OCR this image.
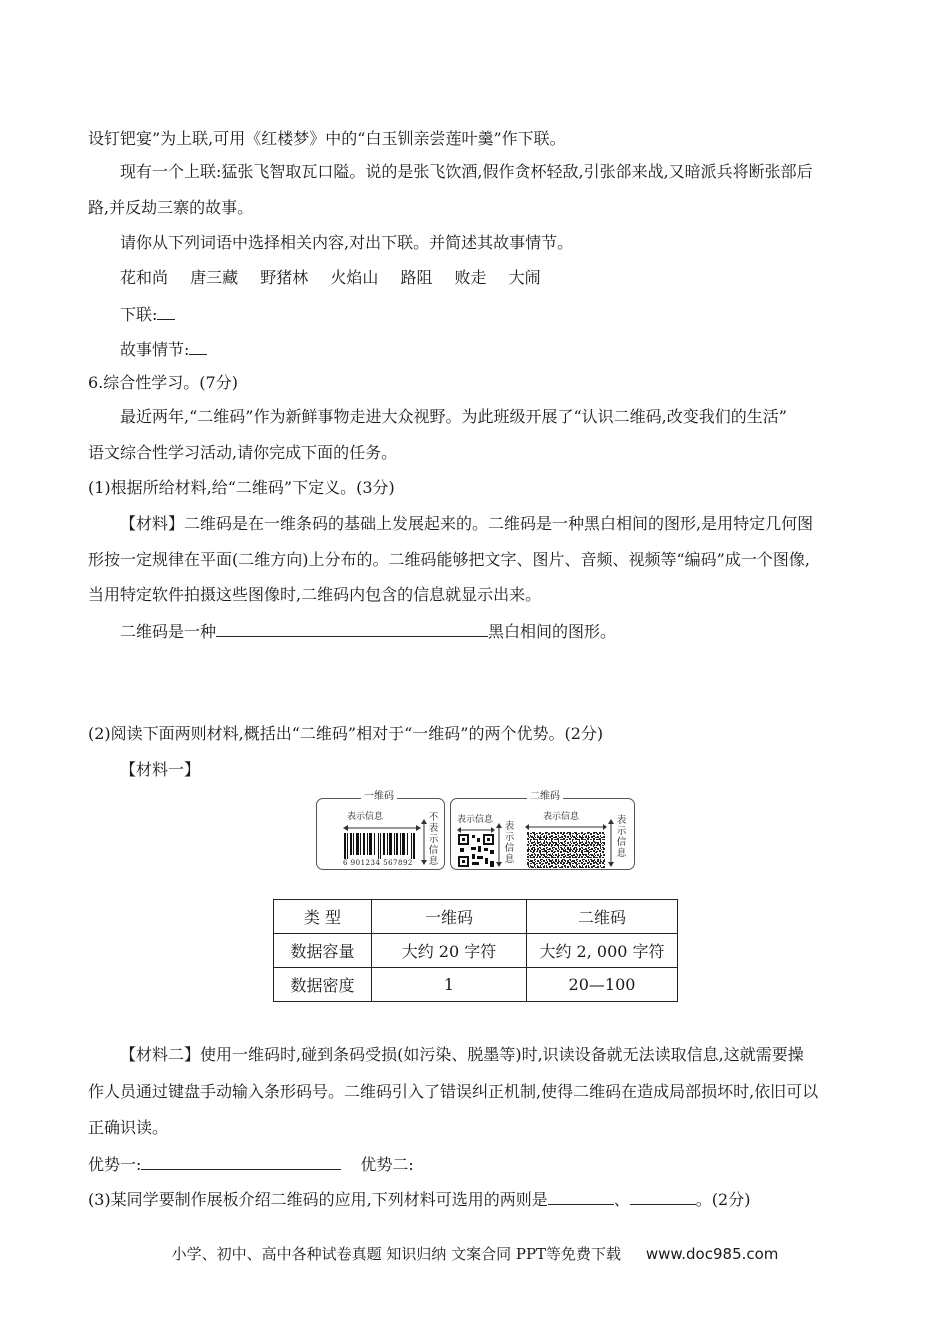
设钉钯宴”为上联,可用《红楼梦》中的“白玉钏亲尝莲叶羹”作下联。
现有一个上联:猛张飞智取瓦口隘。说的是张飞饮酒,假作贪杯轻敌,引张郃来战,又暗派兵将断张部后
路,并反劫三寨的故事。
请你从下列词语中选择相关内容,对出下联。并简述其故事情节。
花和尚 唐三藏 野猪林 火焰山 路阻 败走 大闹
下联:
故事情节:
6.综合性学习。(7分)
最近两年,“二维码”作为新鲜事物走进大众视野。为此班级开展了“认识二维码,改变我们的生活”
语文综合性学习活动,请你完成下面的任务。
(1)根据所给材料,给“二维码”下定义。(3分)
【材料】二维码是在一维条码的基础上发展起来的。二维码是一种黑白相间的图形,是用特定几何图
形按一定规律在平面(二维方向)上分布的。二维码能够把文字、图片、音频、视频等“编码”成一个图像,
当用特定软件拍摄这些图像时,二维码内包含的信息就显示出来。
二维码是一种	黑白相间的图形。
(2)阅读下面两则材料,概括出“二维码”相对于“一维码”的两个优势。(2分)
【材料一】
一维码
表示信息
6 901234 567892
不表示信息
二维码
表示信息
表示信息
表示信息	表示信息
类 型	一维码	二维码
数据容量	大约 20 字符	大约 2, 000 字符
数据密度	1	20—100
【材料二】使用一维码时,碰到条码受损(如污染、脱墨等)时,识读设备就无法读取信息,这就需要操
作人员通过键盘手动输入条形码号。二维码引入了错误纠正机制,使得二维码在造成局部损坏时,依旧可以
正确识读。
优势一:	优势二:
(3)某同学要制作展板介绍二维码的应用,下列材料可选用的两则是	、	。(2分)
小学、初中、高中各种试卷真题 知识归纳 文案合同 PPT等免费下载 www.doc985.com
